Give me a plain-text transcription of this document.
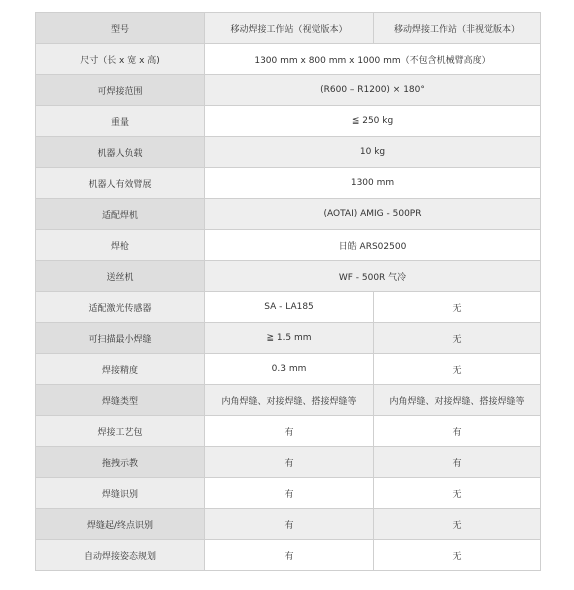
型号	移动焊接工作站（视觉版本）	移动焊接工作站（非视觉版本）
尺寸（长 x 宽 x 高)	1300 mm x 800 mm x 1000 mm（不包含机械臂高度）	
可焊接范围	(R600 – R1200) × 180°	
重量	≦ 250 kg	
机器人负载	10 kg	
机器人有效臂展	1300 mm	
适配焊机	(AOTAI) AMIG - 500PR	
焊枪	日皓 ARS02500	
送丝机	WF - 500R 气冷	
适配激光传感器	SA - LA185	无
可扫描最小焊缝	≧ 1.5 mm	无
焊接精度	0.3 mm	无
焊缝类型	内角焊缝、对接焊缝、搭接焊缝等	内角焊缝、对接焊缝、搭接焊缝等
焊接工艺包	有	有
拖拽示教	有	有
焊缝识别	有	无
焊缝起/终点识别	有	无
自动焊接姿态规划	有	无
